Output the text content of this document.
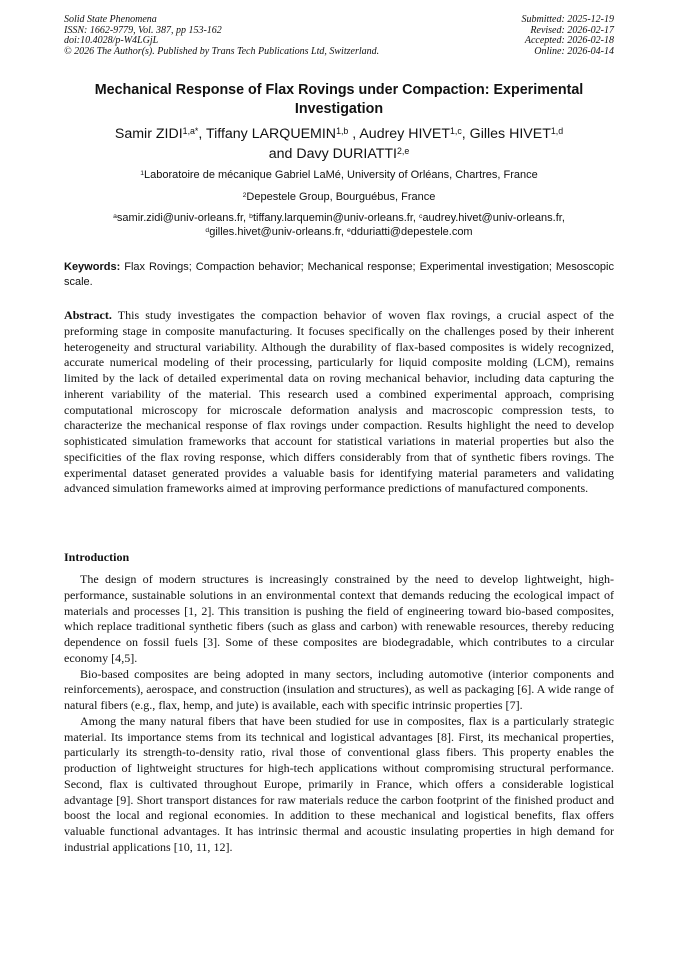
Solid State Phenomena
ISSN: 1662-9779, Vol. 387, pp 153-162
doi:10.4028/p-W4LGjL
© 2026 The Author(s). Published by Trans Tech Publications Ltd, Switzerland.
Submitted: 2025-12-19
Revised: 2026-02-17
Accepted: 2026-02-18
Online: 2026-04-14
Mechanical Response of Flax Rovings under Compaction: Experimental Investigation
Samir $ZIDI^{1,a*}$, Tiffany LARQUEMIN$^{1,b}$ , Audrey HIVET$^{1,c}$, Gilles HIVET$^{1,d}$
and Davy DURIATTI$^{2,e}$
$^1$Laboratoire de mécanique Gabriel LaMé, University of Orléans, Chartres, France
$^2$Depestele Group, Bourguébus, France
$^a$samir.zidi@univ-orleans.fr, $^b$tiffany.larquemin@univ-orleans.fr, $^c$audrey.hivet@univ-orleans.fr,
$^d$gilles.hivet@univ-orleans.fr, $^e$dduriatti@depestele.com
Keywords: Flax Rovings; Compaction behavior; Mechanical response; Experimental investigation; Mesoscopic scale.
Abstract. This study investigates the compaction behavior of woven flax rovings, a crucial aspect of the preforming stage in composite manufacturing. It focuses specifically on the challenges posed by their inherent heterogeneity and structural variability. Although the durability of flax-based composites is widely recognized, accurate numerical modeling of their processing, particularly for liquid composite molding (LCM), remains limited by the lack of detailed experimental data on roving mechanical behavior, including data capturing the inherent variability of the material. This research used a combined experimental approach, comprising computational microscopy for microscale deformation analysis and macroscopic compression tests, to characterize the mechanical response of flax rovings under compaction. Results highlight the need to develop sophisticated simulation frameworks that account for statistical variations in material properties but also the specificities of the flax roving response, which differs considerably from that of synthetic fibers rovings. The experimental dataset generated provides a valuable basis for identifying material parameters and validating advanced simulation frameworks aimed at improving performance predictions of manufactured components.
Introduction

The design of modern structures is increasingly constrained by the need to develop lightweight, high-performance, sustainable solutions in an environmental context that demands reducing the ecological impact of materials and processes [1, 2]. This transition is pushing the field of engineering toward bio-based composites, which replace traditional synthetic fibers (such as glass and carbon) with renewable resources, thereby reducing dependence on fossil fuels [3]. Some of these composites are biodegradable, which contributes to a circular economy [4,5].

Bio-based composites are being adopted in many sectors, including automotive (interior components and reinforcements), aerospace, and construction (insulation and structures), as well as packaging [6]. A wide range of natural fibers (e.g., flax, hemp, and jute) is available, each with specific intrinsic properties [7].

Among the many natural fibers that have been studied for use in composites, flax is a particularly strategic material. Its importance stems from its technical and logistical advantages [8]. First, its mechanical properties, particularly its strength-to-density ratio, rival those of conventional glass fibers. This property enables the production of lightweight structures for high-tech applications without compromising structural performance. Second, flax is cultivated throughout Europe, primarily in France, which offers a considerable logistical advantage [9]. Short transport distances for raw materials reduce the carbon footprint of the finished product and boost the local and regional economies. In addition to these mechanical and logistical benefits, flax offers valuable functional advantages. It has intrinsic thermal and acoustic insulating properties in high demand for industrial applications [10, 11, 12].
